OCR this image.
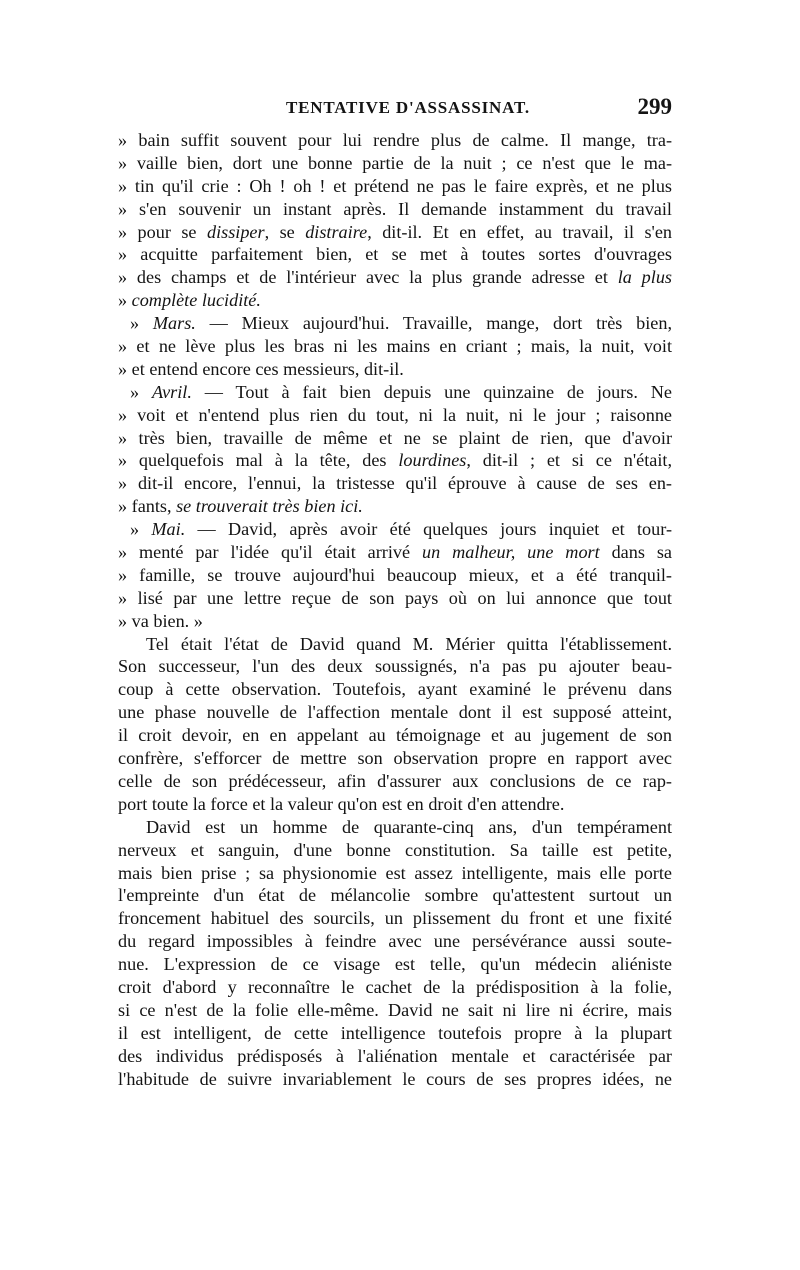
TENTATIVE D'ASSASSINAT.	299
» bain suffit souvent pour lui rendre plus de calme. Il mange, tra-
» vaille bien, dort une bonne partie de la nuit ; ce n'est que le ma-
» tin qu'il crie : Oh ! oh ! et prétend ne pas le faire exprès, et ne plus
» s'en souvenir un instant après. Il demande instamment du travail
» pour se dissiper, se distraire, dit-il. Et en effet, au travail, il s'en
» acquitte parfaitement bien, et se met à toutes sortes d'ouvrages
» des champs et de l'intérieur avec la plus grande adresse et la plus
» complète lucidité.
» Mars. — Mieux aujourd'hui. Travaille, mange, dort très bien,
» et ne lève plus les bras ni les mains en criant ; mais, la nuit, voit
» et entend encore ces messieurs, dit-il.
» Avril. — Tout à fait bien depuis une quinzaine de jours. Ne
» voit et n'entend plus rien du tout, ni la nuit, ni le jour ; raisonne
» très bien, travaille de même et ne se plaint de rien, que d'avoir
» quelquefois mal à la tête, des lourdines, dit-il ; et si ce n'était,
» dit-il encore, l'ennui, la tristesse qu'il éprouve à cause de ses en-
» fants, se trouverait très bien ici.
» Mai. — David, après avoir été quelques jours inquiet et tour-
» menté par l'idée qu'il était arrivé un malheur, une mort dans sa
» famille, se trouve aujourd'hui beaucoup mieux, et a été tranquil-
» lisé par une lettre reçue de son pays où on lui annonce que tout
» va bien. »
Tel était l'état de David quand M. Mérier quitta l'établissement.
Son successeur, l'un des deux soussignés, n'a pas pu ajouter beau-
coup à cette observation. Toutefois, ayant examiné le prévenu dans
une phase nouvelle de l'affection mentale dont il est supposé atteint,
il croit devoir, en en appelant au témoignage et au jugement de son
confrère, s'efforcer de mettre son observation propre en rapport avec
celle de son prédécesseur, afin d'assurer aux conclusions de ce rap-
port toute la force et la valeur qu'on est en droit d'en attendre.
David est un homme de quarante-cinq ans, d'un tempérament
nerveux et sanguin, d'une bonne constitution. Sa taille est petite,
mais bien prise ; sa physionomie est assez intelligente, mais elle porte
l'empreinte d'un état de mélancolie sombre qu'attestent surtout un
froncement habituel des sourcils, un plissement du front et une fixité
du regard impossibles à feindre avec une persévérance aussi soute-
nue. L'expression de ce visage est telle, qu'un médecin aliéniste
croit d'abord y reconnaître le cachet de la prédisposition à la folie,
si ce n'est de la folie elle-même. David ne sait ni lire ni écrire, mais
il est intelligent, de cette intelligence toutefois propre à la plupart
des individus prédisposés à l'aliénation mentale et caractérisée par
l'habitude de suivre invariablement le cours de ses propres idées, ne
